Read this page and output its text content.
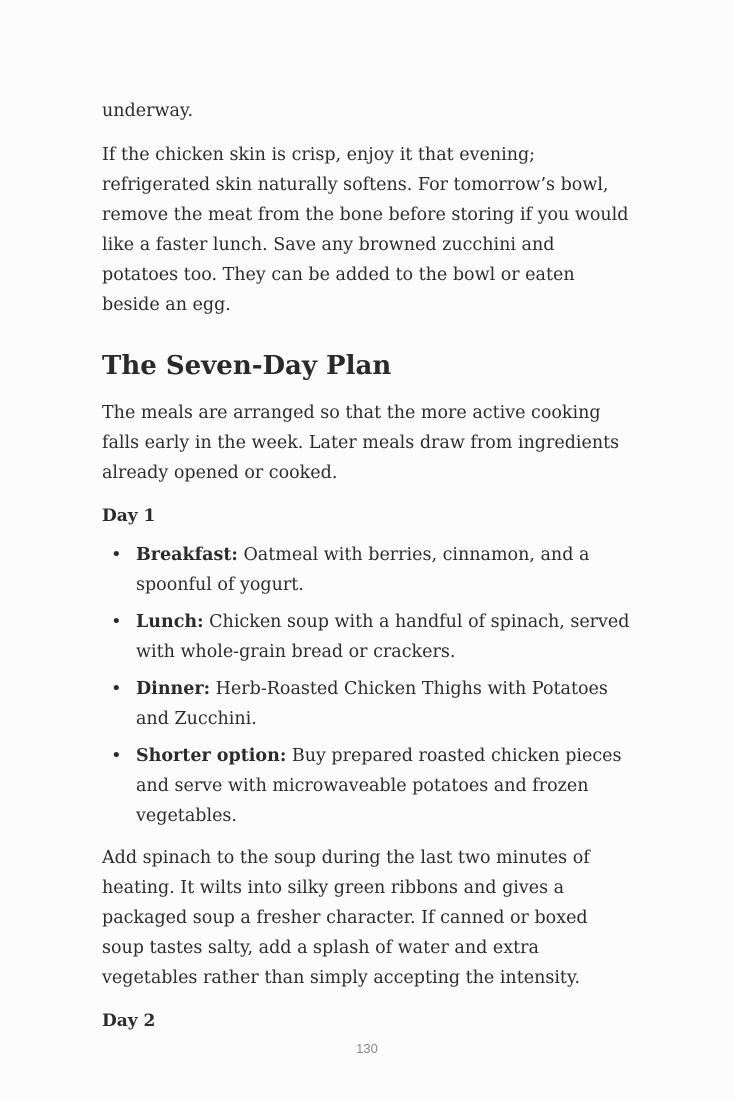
underway.

If the chicken skin is crisp, enjoy it that evening; refrigerated skin naturally softens. For tomorrow’s bowl, remove the meat from the bone before storing if you would like a faster lunch. Save any browned zucchini and potatoes too. They can be added to the bowl or eaten beside an egg.

The Seven-Day Plan

The meals are arranged so that the more active cooking falls early in the week. Later meals draw from ingredients already opened or cooked.

Day 1
• Breakfast: Oatmeal with berries, cinnamon, and a spoonful of yogurt.
• Lunch: Chicken soup with a handful of spinach, served with whole-grain bread or crackers.
• Dinner: Herb-Roasted Chicken Thighs with Potatoes and Zucchini.
• Shorter option: Buy prepared roasted chicken pieces and serve with microwaveable potatoes and frozen vegetables.

Add spinach to the soup during the last two minutes of heating. It wilts into silky green ribbons and gives a packaged soup a fresher character. If canned or boxed soup tastes salty, add a splash of water and extra vegetables rather than simply accepting the intensity.

Day 2
130
